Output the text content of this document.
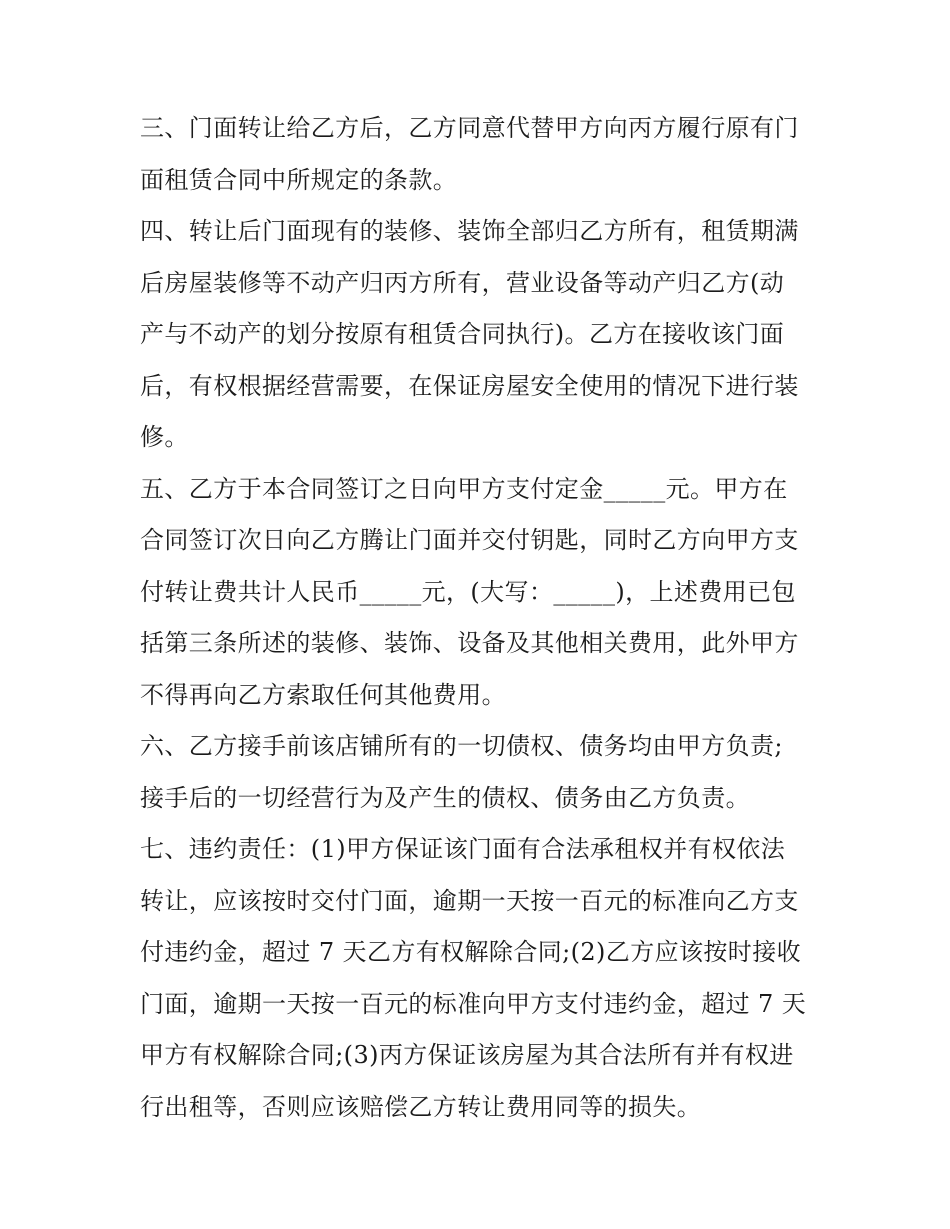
三、门面转让给乙方后，乙方同意代替甲方向丙方履行原有门
面租赁合同中所规定的条款。

四、转让后门面现有的装修、装饰全部归乙方所有，租赁期满
后房屋装修等不动产归丙方所有，营业设备等动产归乙方(动
产与不动产的划分按原有租赁合同执行)。乙方在接收该门面
后，有权根据经营需要，在保证房屋安全使用的情况下进行装
修。

五、乙方于本合同签订之日向甲方支付定金_____元。甲方在
合同签订次日向乙方腾让门面并交付钥匙，同时乙方向甲方支
付转让费共计人民币_____元，(大写：_____)，上述费用已包
括第三条所述的装修、装饰、设备及其他相关费用，此外甲方
不得再向乙方索取任何其他费用。

六、乙方接手前该店铺所有的一切债权、债务均由甲方负责;
接手后的一切经营行为及产生的债权、债务由乙方负责。

七、违约责任：(1)甲方保证该门面有合法承租权并有权依法
转让，应该按时交付门面，逾期一天按一百元的标准向乙方支
付违约金，超过 7 天乙方有权解除合同;(2)乙方应该按时接收
门面，逾期一天按一百元的标准向甲方支付违约金，超过 7 天
甲方有权解除合同;(3)丙方保证该房屋为其合法所有并有权进
行出租等，否则应该赔偿乙方转让费用同等的损失。
